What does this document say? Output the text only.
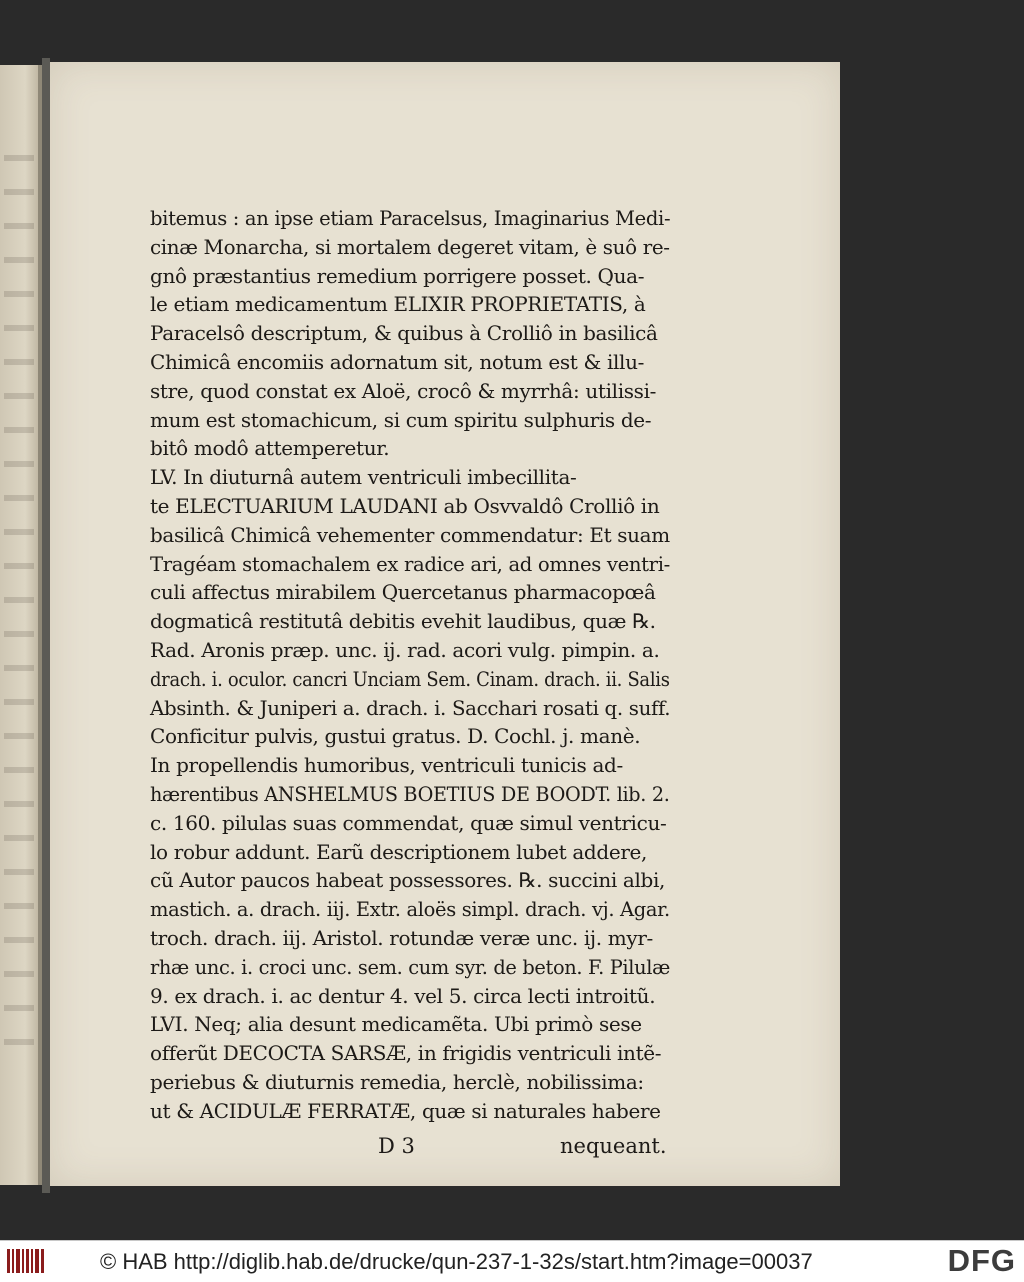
bitemus : an ipse etiam Paracelsus, Imaginarius Medi-
cinæ Monarcha, si mortalem degeret vitam, è suô re-
gnô præstantius remedium porrigere posset. Qua-
le etiam medicamentum ELIXIR PROPRIETATIS, à
Paracelsô descriptum, & quibus à Crolliô in basilicâ
Chimicâ encomiis adornatum sit, notum est & illu-
stre, quod constat ex Aloë, crocô & myrrhâ: utilissi-
mum est stomachicum, si cum spiritu sulphuris de-
bitô modô attemperetur.
LV. In diuturnâ autem ventriculi imbecillita-
te ELECTUARIUM LAUDANI ab Osvvaldô Crolliô in
basilicâ Chimicâ vehementer commendatur: Et suam
Tragéam stomachalem ex radice ari, ad omnes ventri-
culi affectus mirabilem Quercetanus pharmacopœâ
dogmaticâ restitutâ debitis evehit laudibus, quæ ℞.
Rad. Aronis præp. unc. ij. rad. acori vulg. pimpin. a.
drach. i. oculor. cancri Unciam Sem. Cinam. drach. ii. Salis
Absinth. & Juniperi a. drach. i. Sacchari rosati q. suff.
Conficitur pulvis, gustui gratus. D. Cochl. j. manè.
In propellendis humoribus, ventriculi tunicis ad-
hærentibus ANSHELMUS BOETIUS DE BOODT. lib. 2.
c. 160. pilulas suas commendat, quæ simul ventricu-
lo robur addunt. Earũ descriptionem lubet addere,
cũ Autor paucos habeat possessores. ℞. succini albi,
mastich. a. drach. iij. Extr. aloës simpl. drach. vj. Agar.
troch. drach. iij. Aristol. rotundæ veræ unc. ij. myr-
rhæ unc. i. croci unc. sem. cum syr. de beton. F. Pilulæ
9. ex drach. i. ac dentur 4. vel 5. circa lecti introitũ.
LVI. Neq; alia desunt medicamẽta. Ubi primò sese
offerũt DECOCTA SARSÆ, in frigidis ventriculi intẽ-
periebus & diuturnis remedia, herclè, nobilissima:
ut & ACIDULÆ FERRATÆ, quæ si naturales habere
D 3	nequeant.
© HAB http://diglib.hab.de/drucke/qun-237-1-32s/start.htm?image=00037	DFG
